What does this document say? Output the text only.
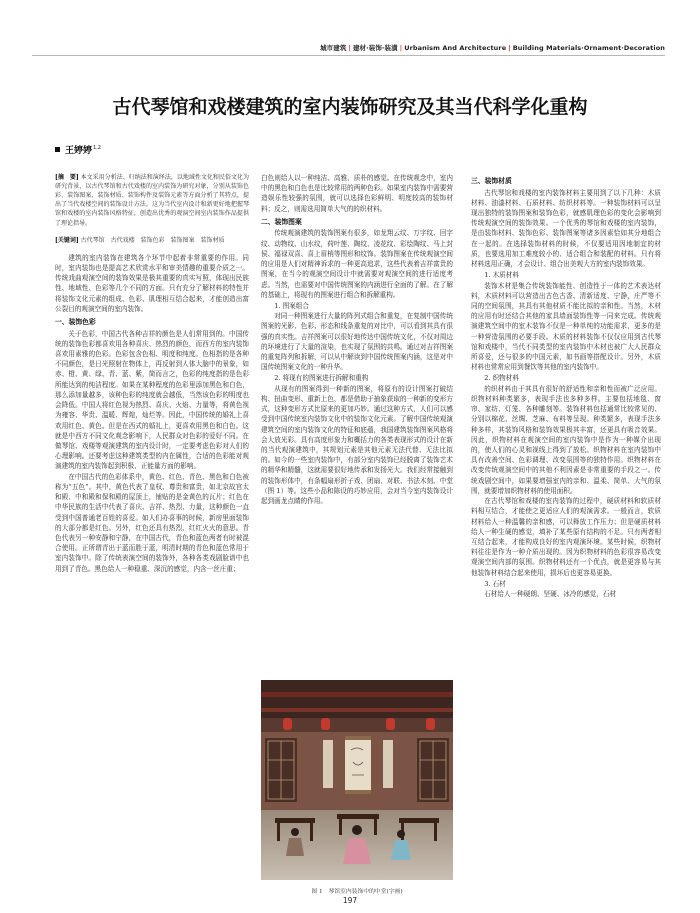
城市建筑 | 建材·装饰·装潢 | Urbanism And Architecture | Building Materials·Ornament·Decoration
古代琴馆和戏楼建筑的室内装饰研究及其当代科学化重构
王婷婷$^{1,2}$
[摘　要] 本文采用分析法、归纳法和演绎法，以地域性文化和民俗文化为研究背景，以古代琴馆和古代戏楼的室内装饰为研究对象，分别从装饰色彩、装饰图案、装饰材质、装饰构件及装饰元素等方面分析了其特点，提出了当代戏楼空间的装饰设计方法。这为当代室内设计和新更好地把握琴馆和戏楼的室内装饰风格特征，创造出优秀的观演空间室内装饰作品提供了理论指导。
[关键词] 古代琴馆　古代戏楼　装饰色彩　装饰图案　装饰材质

建筑的室内装饰在建筑各个环节中起着非常重要的作用。同时，室内装饰也是提高艺术欣赏水平和审美情趣的重要介质之一。传统戏曲观演空间的装饰效果是极其重要的真实写照，体现出民族性、地域性、色彩等几个不同的方面。只有充分了解材料的特性并将装饰文化元素的组成、色彩、肌理相互结合起来，才能创造出富公裂目的观演空间的室内装饰。

一、装饰色彩

关于色彩，中国古代各种吉祥的颜色是人们常用到的。中国传统的装饰色彩都喜欢用各种喜庆、热烈的颜色，而西方的室内装饰喜欢用素雅的色彩。色彩包含色相、明度和纯度。色相指的是各种不同颜色，是日光照射在物体上，再反射到人体大脑中的景象，如赤、橙、黄、绿、青、蓝、紫，简而言之，色彩的纯度指的是色彩所能达到的纯洁程度。如果在某种程度的色彩里添加黑色和白色，那么添加量越多，该种色彩的纯度就会越低，当然该色彩的明度也会降低。中国人将红色视为热烈、喜庆、火焰、力量等，将黄色视为雍容、华贵、温暖、辉煌，灿烂等。因此，中国传统的婚礼上喜欢用红色、黄色。但是在西式的婚礼上，更喜欢用黑色和白色。这就是中西方不同文化观念影响下，人民群众对色彩的爱好不同。在做琴馆、戏楼等观演建筑的室内设计时，一定要考虑色彩对人们的心理影响。还要考虑这种建筑类型的内在属性，合适的色彩能对观演建筑的室内装饰起到积极、正能量方面的影响。

在中国古代的色彩体系中，黄色、红色、青色、黑色和白色被称为“五色”。其中，黄色代表了皇权、尊贵和富贵，如北京故宫太和殿、中和殿和保和殿的屋顶上，铺贴的是金黄色的瓦片；红色在中华民族的生活中代表了喜庆、吉祥、热烈、力量，这种颜色一直受到中国普通老百姓的喜爱。如人们办喜事的时候，新房里面装饰的大部分都是红色。另外，红色还具有热烈、红红火火的意思。青色代表另一种安静和宁静，在中国古代，青色和蓝色两者有时被混合使用。正所谓青出于蓝而胜于蓝，明清时期的青色和蓝色常用于室内装饰中。除了传统表演空间的装饰外，各种各类戏剧脸谱中也用到了青色。黑色给人一种稳重、深沉的感觉，内含一丝庄重；

白色则给人以一种纯洁、高雅、质朴的感觉。在传统观念中，室内中的黑色和白色也是比较常用的两种色彩。如果室内装饰中需要营造娱乐性较强的氛围，就可以选择色彩鲜明、明度较高的装饰材料；反之，则需选用简单大气的的织材料。

二、装饰图案

传统观演建筑的装饰图案有很多，如龙翔云纹、万字纹、回字纹、动物纹、山水纹，荷叶莲、陶纹、凌花纹、彩绘陶纹、马上封侯、福禄双喜、喜上眉梢等图形和纹饰。装饰图案在传统观演空间的应用是人们对精神诉求的一种更高追求，这些代表着吉祥富贵的图案，在当今的观演空间设计中就需要对观演空间的进行适度考虑。当然，也需要对中国传统图案的内涵进行全面的了解。在了解的基础上，将现有的图案进行组合和拆解重构。

1. 图案组合

对同一种图案进行大量的阵列式组合和重复，在复制中国传统图案的光影、色彩、形态和线条重复的对比中，可以看到其具有很强的真实性。吉祥图案可以很好地传达中国传统文化，不仅对周边的环境进行了大量的渲染，也实现了氛围的共鸣。通过对吉祥图案的重复阵列和拆解，可以从中解读到中国传统图案内涵，这是对中国传统图案文化的一种升华。

2. 将现有的图案进行拆解和重构

从现有的图案得到一种新的图案，将原有的设计图案打破结构、扭曲变形、重新上色，都是借助于抽象获取的一种新的变形方式，这种变形方式比原来的更加巧妙。通过这种方式，人们可以感受到中国传统室内装饰文化中的装饰文化元素。了解中国传统观演建筑空间的室内装饰文化的特征和底蕴，我国建筑装饰图案风格将会大放光彩。具有高度形象力和概括力的各类表现形式的设计在新的当代观演建筑中，其规划元素是其他元素无法代替、无法比拟的。如今的一些室内装饰中，有部分室内装饰已经脱离了装饰艺术的精华和精髓，这就需要很好地传承和发扬光大。我们经常接触到的装饰形体中，有条幅扇形折子戏、团扇、对联、书法木刻、中堂（图 1）等。这些小品和陈设的巧妙应用，会对当今室内装饰设计起到画龙点睛的作用。

图 1　琴馆室内装饰中的中堂(字画)
三、装饰材质

古代琴馆和戏楼的室内装饰材料主要用到了以下几种：木质材料、油漆材料、石质材料、纺织材料等。一种装饰材料可以呈现出独特的装饰图案和装饰色彩，就感肌理色彩的变化会影响到传统观演空间的装饰效果。一个优秀的琴馆和戏楼的室内装饰，是由装饰材料、装饰色彩、装饰图案等诸多因素恰如其分地组合在一起的。在选择装饰材料的时候，不仅要适用因地制宜的材质，也要选用加工难度较小的、适合组合和装配的材料。只有将材料选用正确，才会设计、组合出美观大方的室内装饰效果。

1. 木质材料

装饰木材是集合传统装饰能性、创造性于一体的艺术表达材料，木质材料可以营造出古色古香、清新适度、宁静，庄严等不同的空间氛围，其具有其他材质不能比拟的亲和性。当然，木材的应用有时还结合其他的家具墙面装饰性等一同来完成。传统观演建筑空间中的室木装饰不仅是一种单纯的功能需求，更多的是一种营造氛围的必要手段。木质的材料装饰不仅仅应用到古代琴馆和戏楼中，当代不同类型的室内装饰中木材也被广大人民群众所喜爱，还与很多的中国元素，如书画等搭配设计。另外，木质材料也常常应用到餐饮等其他的室内装饰中。

2. 织物材料

的织材料由于其具有很好的舒适性和亲和性而被广泛应用。织物材料种类繁多，表现手法也多种多样。主要包括地毯、窗帘、家纺、灯笼、各种雕刻等。装饰材料包括通常比较常见的、分别以棉花、丝绸、芝麻、布料等呈现。种类繁多，表现手法多种多样，其装饰风格和装饰效果极其丰富，还更具有吸音效果。因此，织物材料在观演空间的室内装饰中是作为一种媒介出现的，使人们的心灵和视线上得到了放松。织物材料在室内装饰中具有改善空间、色彩调理、改变氛围等的独特作用。织物材料在改变传统观演空间中的其他不利因素是非常重要的手段之一。传统戏剧空间中，如果要增强室内的亲和、温柔、简单、大气的氛围，就要增加织物材料的使用面积。

在古代琴馆和戏楼的室内装饰的过程中，硬质材料和软质材料相互结合，才能使之更适应人们的观演需求。一般而言，软质材料给人一种温馨的亲和感，可以释放工作压力；但是硬质材料给人一种生硬的感觉，填补了某些原有结构的不足。只有两者相互结合起来，才能构成良好的室内观演环境。某些时候，织物材料往往是作为一种介质出现的。因为织物材料的色彩很容易改变观演空间内部的氛围。织物材料还有一个优点，就是更容易与其他装饰材料结合起来使用，损坏后也更容易更换。

3. 石材

石材给人一种硬朗、坚硬、冰冷的感觉，石材

197
